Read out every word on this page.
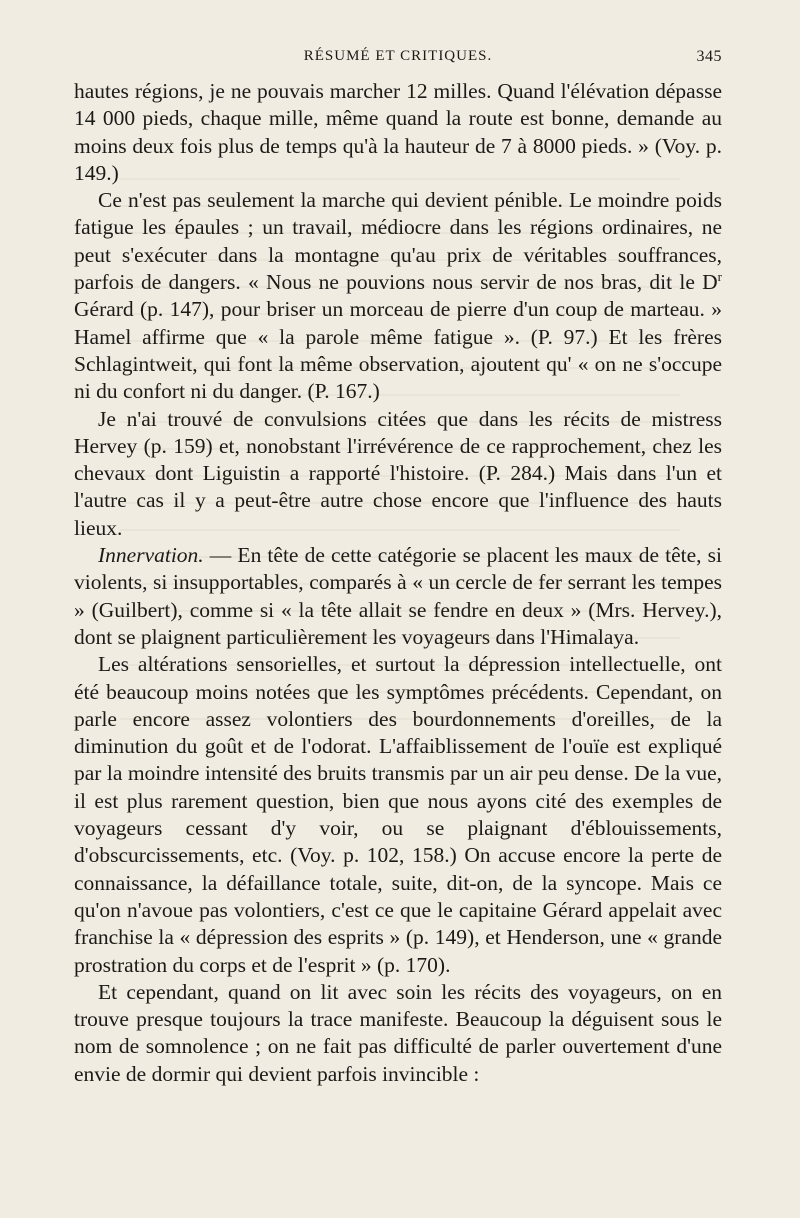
RÉSUMÉ ET CRITIQUES.	345

hautes régions, je ne pouvais marcher 12 milles. Quand l'élévation dépasse 14 000 pieds, chaque mille, même quand la route est bonne, demande au moins deux fois plus de temps qu'à la hauteur de 7 à 8000 pieds. » (Voy. p. 149.)

Ce n'est pas seulement la marche qui devient pénible. Le moindre poids fatigue les épaules ; un travail, médiocre dans les régions ordinaires, ne peut s'exécuter dans la montagne qu'au prix de véritables souffrances, parfois de dangers. « Nous ne pouvions nous servir de nos bras, dit le $D^r$ Gérard (p. 147), pour briser un morceau de pierre d'un coup de marteau. » Hamel affirme que « la parole même fatigue ». (P. 97.) Et les frères Schlagintweit, qui font la même observation, ajoutent qu' « on ne s'occupe ni du confort ni du danger. (P. 167.)

Je n'ai trouvé de convulsions citées que dans les récits de mistress Hervey (p. 159) et, nonobstant l'irrévérence de ce rapprochement, chez les chevaux dont Liguistin a rapporté l'histoire. (P. 284.) Mais dans l'un et l'autre cas il y a peut-être autre chose encore que l'influence des hauts lieux.

Innervation. — En tête de cette catégorie se placent les maux de tête, si violents, si insupportables, comparés à « un cercle de fer serrant les tempes » (Guilbert), comme si « la tête allait se fendre en deux » (Mrs. Hervey.), dont se plaignent particulièrement les voyageurs dans l'Himalaya.

Les altérations sensorielles, et surtout la dépression intellectuelle, ont été beaucoup moins notées que les symptômes précédents. Cependant, on parle encore assez volontiers des bourdonnements d'oreilles, de la diminution du goût et de l'odorat. L'affaiblissement de l'ouïe est expliqué par la moindre intensité des bruits transmis par un air peu dense. De la vue, il est plus rarement question, bien que nous ayons cité des exemples de voyageurs cessant d'y voir, ou se plaignant d'éblouissements, d'obscurcissements, etc. (Voy. p. 102, 158.) On accuse encore la perte de connaissance, la défaillance totale, suite, dit-on, de la syncope. Mais ce qu'on n'avoue pas volontiers, c'est ce que le capitaine Gérard appelait avec franchise la « dépression des esprits » (p. 149), et Henderson, une « grande prostration du corps et de l'esprit » (p. 170).

Et cependant, quand on lit avec soin les récits des voyageurs, on en trouve presque toujours la trace manifeste. Beaucoup la déguisent sous le nom de somnolence ; on ne fait pas difficulté de parler ouvertement d'une envie de dormir qui devient parfois invincible :
